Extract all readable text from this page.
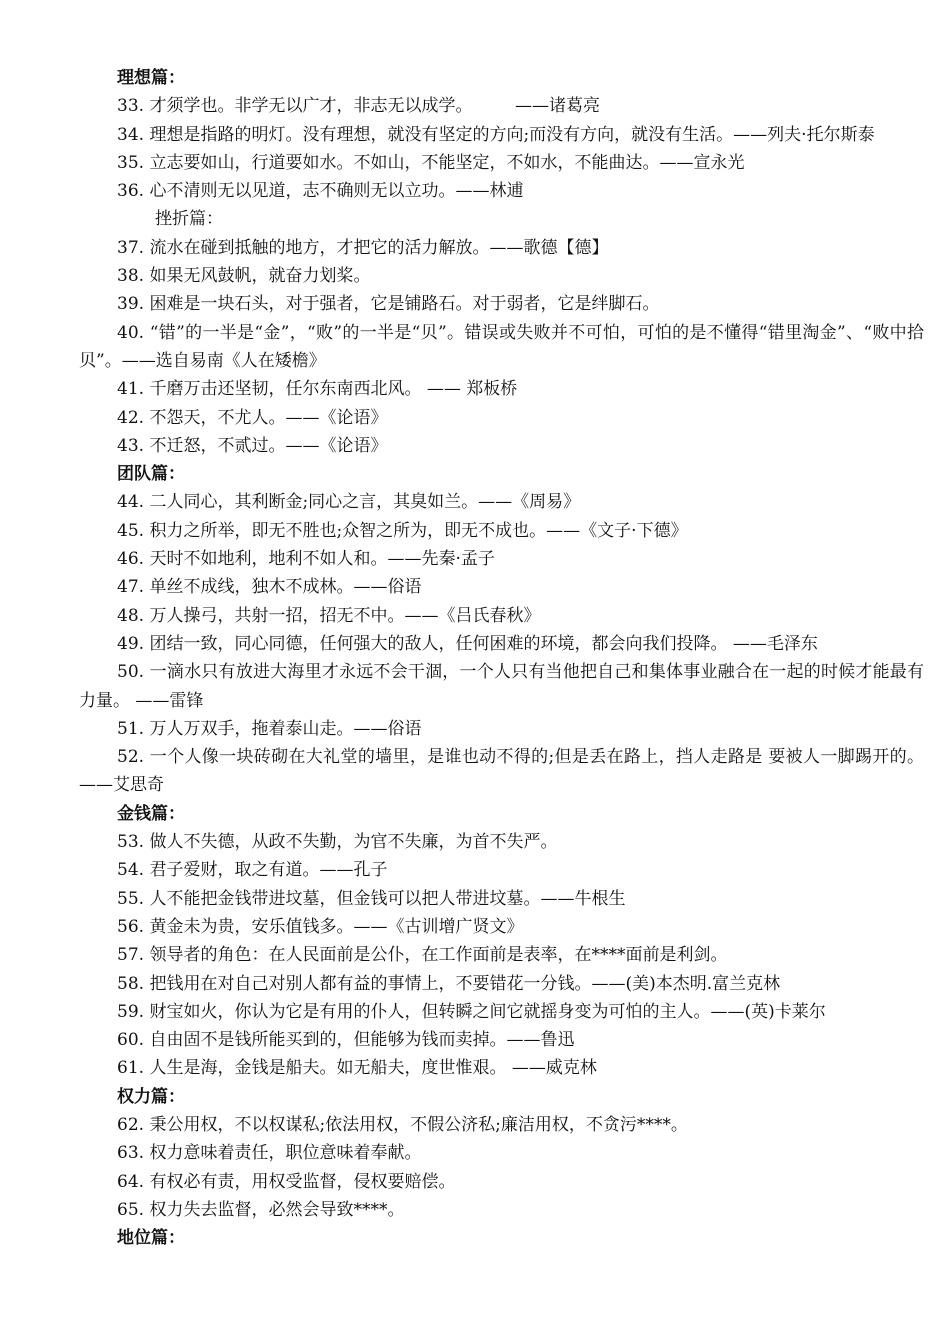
理想篇：

33. 才须学也。非学无以广才，非志无以成学。　　　——诸葛亮

34. 理想是指路的明灯。没有理想，就没有坚定的方向;而没有方向，就没有生活。——列夫·托尔斯泰

35. 立志要如山，行道要如水。不如山，不能坚定，不如水，不能曲达。——宣永光

36. 心不清则无以见道，志不确则无以立功。——林逋

挫折篇：

37. 流水在碰到抵触的地方，才把它的活力解放。——歌德【德】

38. 如果无风鼓帆，就奋力划桨。

39. 困难是一块石头，对于强者，它是铺路石。对于弱者，它是绊脚石。

40. “错”的一半是“金”，“败”的一半是“贝”。错误或失败并不可怕，可怕的是不懂得“错里淘金”、“败中拾贝”。——选自易南《人在矮檐》

41. 千磨万击还坚韧，任尔东南西北风。 —— 郑板桥

42. 不怨天，不尤人。——《论语》

43. 不迁怒，不贰过。——《论语》

团队篇：

44. 二人同心，其利断金;同心之言，其臭如兰。——《周易》

45. 积力之所举，即无不胜也;众智之所为，即无不成也。——《文子·下德》

46. 天时不如地利，地利不如人和。——先秦·孟子

47. 单丝不成线，独木不成林。——俗语

48. 万人操弓，共射一招，招无不中。——《吕氏春秋》

49. 团结一致，同心同德，任何强大的敌人，任何困难的环境，都会向我们投降。 ——毛泽东

50. 一滴水只有放进大海里才永远不会干涸，一个人只有当他把自己和集体事业融合在一起的时候才能最有力量。 ——雷锋

51. 万人万双手，拖着泰山走。——俗语

52. 一个人像一块砖砌在大礼堂的墙里，是谁也动不得的;但是丢在路上，挡人走路是 要被人一脚踢开的。——艾思奇

金钱篇：

53. 做人不失德，从政不失勤，为官不失廉，为首不失严。

54. 君子爱财，取之有道。——孔子

55. 人不能把金钱带进坟墓，但金钱可以把人带进坟墓。——牛根生

56. 黄金未为贵，安乐值钱多。——《古训增广贤文》

57. 领导者的角色：在人民面前是公仆，在工作面前是表率，在****面前是利剑。

58. 把钱用在对自己对别人都有益的事情上，不要错花一分钱。——(美)本杰明.富兰克林

59. 财宝如火，你认为它是有用的仆人，但转瞬之间它就摇身变为可怕的主人。——(英)卡莱尔

60. 自由固不是钱所能买到的，但能够为钱而卖掉。——鲁迅

61. 人生是海，金钱是船夫。如无船夫，度世惟艰。 ——威克林

权力篇：

62. 秉公用权，不以权谋私;依法用权，不假公济私;廉洁用权，不贪污****。

63. 权力意味着责任，职位意味着奉献。

64. 有权必有责，用权受监督，侵权要赔偿。

65. 权力失去监督，必然会导致****。

地位篇：
